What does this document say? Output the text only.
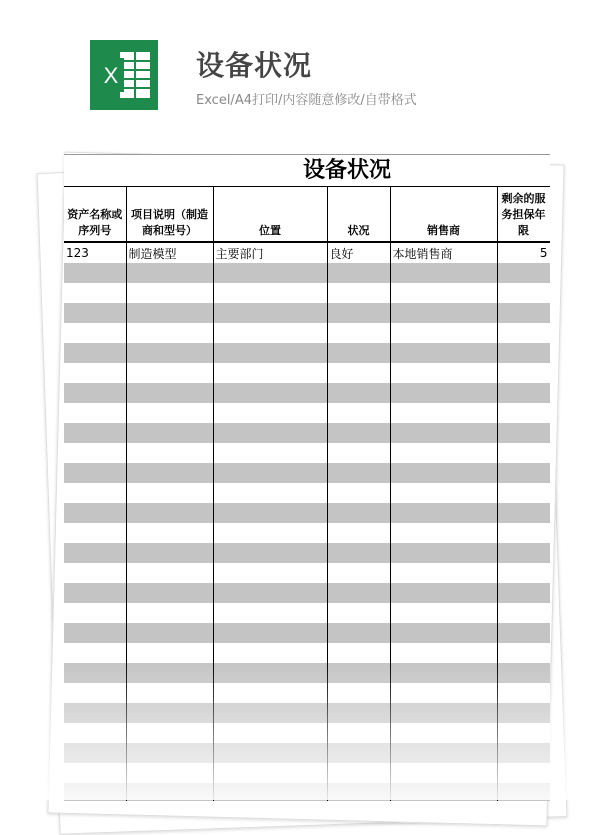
X	设备状况
Excel/A4打印/内容随意修改/自带格式
设备状况
资产名称或序列号	项目说明（制造商和型号）	位置	状况	销售商	剩余的服务担保年限
123	制造模型	主要部门	良好	本地销售商	5
